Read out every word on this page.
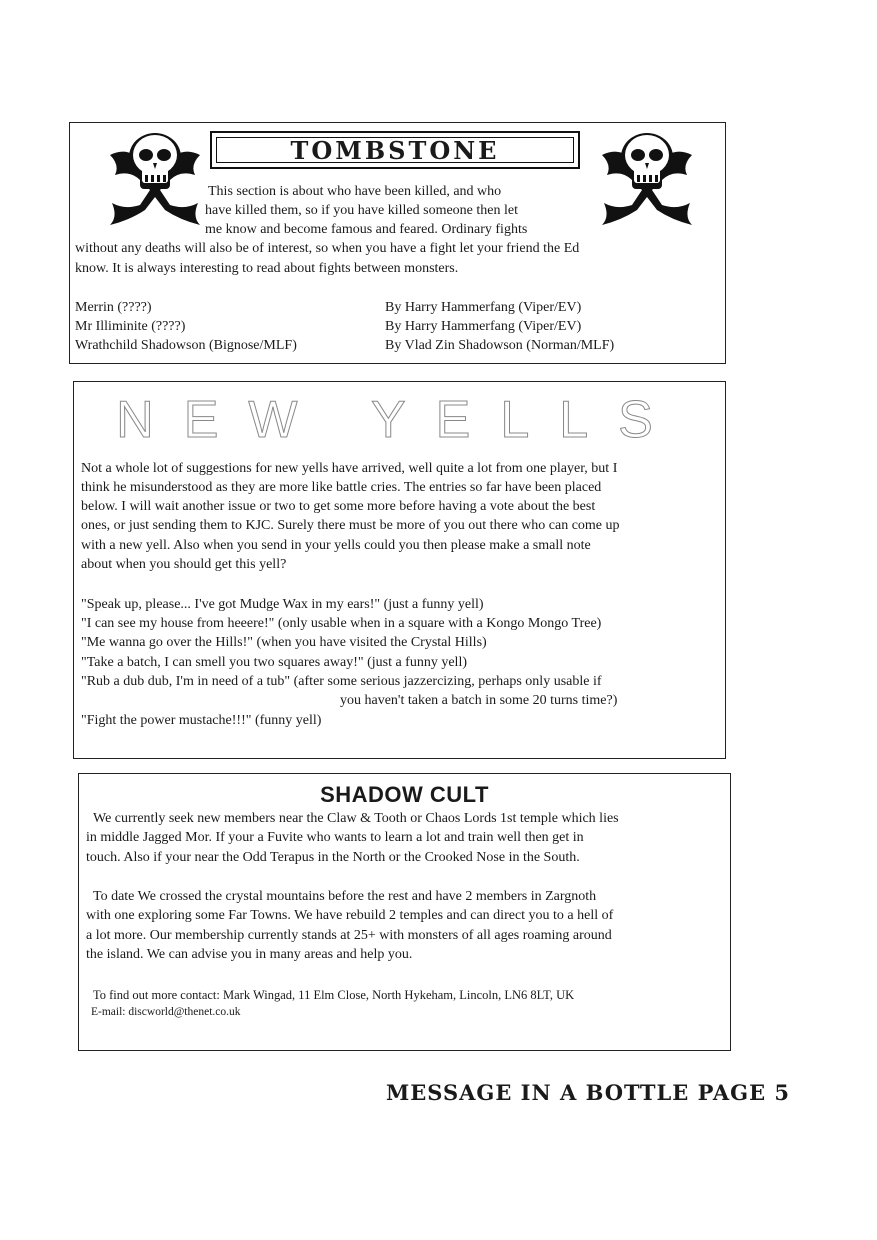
TOMBSTONE
This section is about who have been killed, and who
have killed them, so if you have killed someone then let
me know and become famous and feared. Ordinary fights
without any deaths will also be of interest, so when you have a fight let your friend the Ed
know. It is always interesting to read about fights between monsters.
Merrin (????)	By Harry Hammerfang (Viper/EV)
Mr Illiminite (????)	By Harry Hammerfang (Viper/EV)
Wrathchild Shadowson (Bignose/MLF)	By Vlad Zin Shadowson (Norman/MLF)
NEW YELLS
Not a whole lot of suggestions for new yells have arrived, well quite a lot from one player, but I
think he misunderstood as they are more like battle cries. The entries so far have been placed
below. I will wait another issue or two to get some more before having a vote about the best
ones, or just sending them to KJC. Surely there must be more of you out there who can come up
with a new yell. Also when you send in your yells could you then please make a small note
about when you should get this yell?
"Speak up, please... I've got Mudge Wax in my ears!" (just a funny yell)
"I can see my house from heeere!" (only usable when in a square with a Kongo Mongo Tree)
"Me wanna go over the Hills!" (when you have visited the Crystal Hills)
"Take a batch, I can smell you two squares away!" (just a funny yell)
"Rub a dub dub, I'm in need of a tub" (after some serious jazzercizing, perhaps only usable if
you haven't taken a batch in some 20 turns time?)
"Fight the power mustache!!!" (funny yell)
SHADOW CULT
We currently seek new members near the Claw & Tooth or Chaos Lords 1st temple which lies
in middle Jagged Mor. If your a Fuvite who wants to learn a lot and train well then get in
touch. Also if your near the Odd Terapus in the North or the Crooked Nose in the South.
To date We crossed the crystal mountains before the rest and have 2 members in Zargnoth
with one exploring some Far Towns. We have rebuild 2 temples and can direct you to a hell of
a lot more. Our membership currently stands at 25+ with monsters of all ages roaming around
the island. We can advise you in many areas and help you.
To find out more contact: Mark Wingad, 11 Elm Close, North Hykeham, Lincoln, LN6 8LT, UK
E-mail: discworld@thenet.co.uk
MESSAGE IN A BOTTLE PAGE 5
